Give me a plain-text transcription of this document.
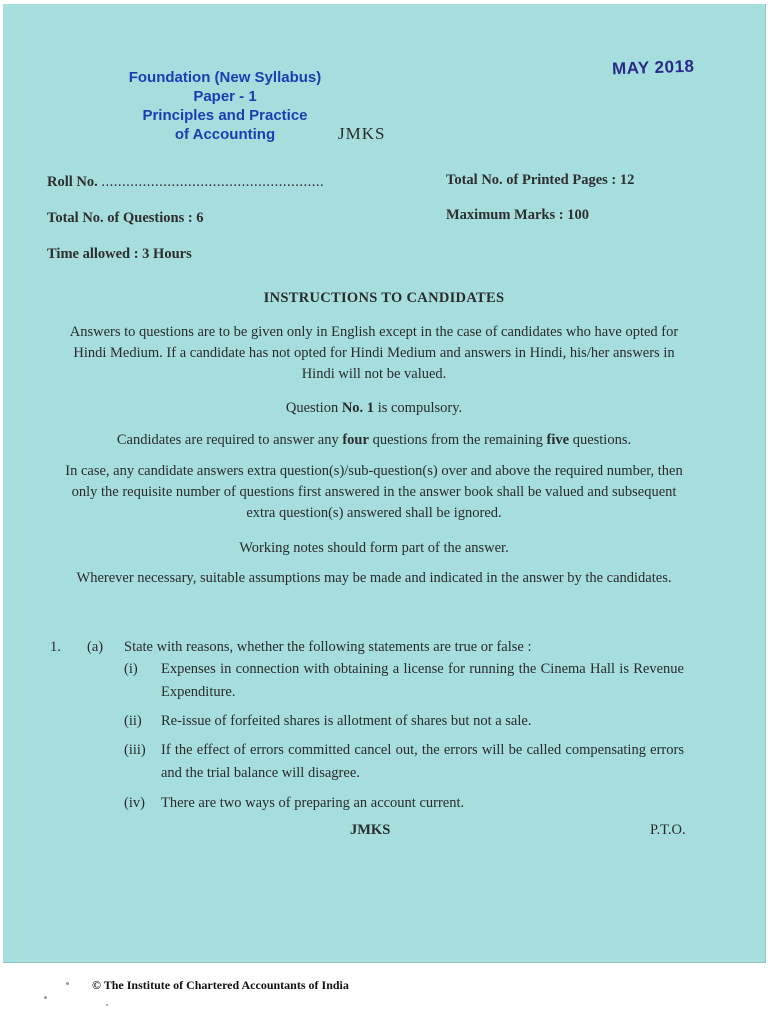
Foundation (New Syllabus)
Paper - 1
Principles and Practice
of Accounting
MAY 2018
JMKS
Roll No. ......................................................	Total No. of Printed Pages : 12
Total No. of Questions : 6	Maximum Marks : 100
Time allowed : 3 Hours
INSTRUCTIONS TO CANDIDATES
Answers to questions are to be given only in English except in the case of candidates who have opted for Hindi Medium. If a candidate has not opted for Hindi Medium and answers in Hindi, his/her answers in Hindi will not be valued.
Question No. 1 is compulsory.
Candidates are required to answer any four questions from the remaining five questions.
In case, any candidate answers extra question(s)/sub-question(s) over and above the required number, then only the requisite number of questions first answered in the answer book shall be valued and subsequent extra question(s) answered shall be ignored.
Working notes should form part of the answer.
Wherever necessary, suitable assumptions may be made and indicated in the answer by the candidates.
1. (a) State with reasons, whether the following statements are true or false :
(i) Expenses in connection with obtaining a license for running the Cinema Hall is Revenue Expenditure.
(ii) Re-issue of forfeited shares is allotment of shares but not a sale.
(iii) If the effect of errors committed cancel out, the errors will be called compensating errors and the trial balance will disagree.
(iv) There are two ways of preparing an account current.
JMKS	P.T.O.
© The Institute of Chartered Accountants of India
